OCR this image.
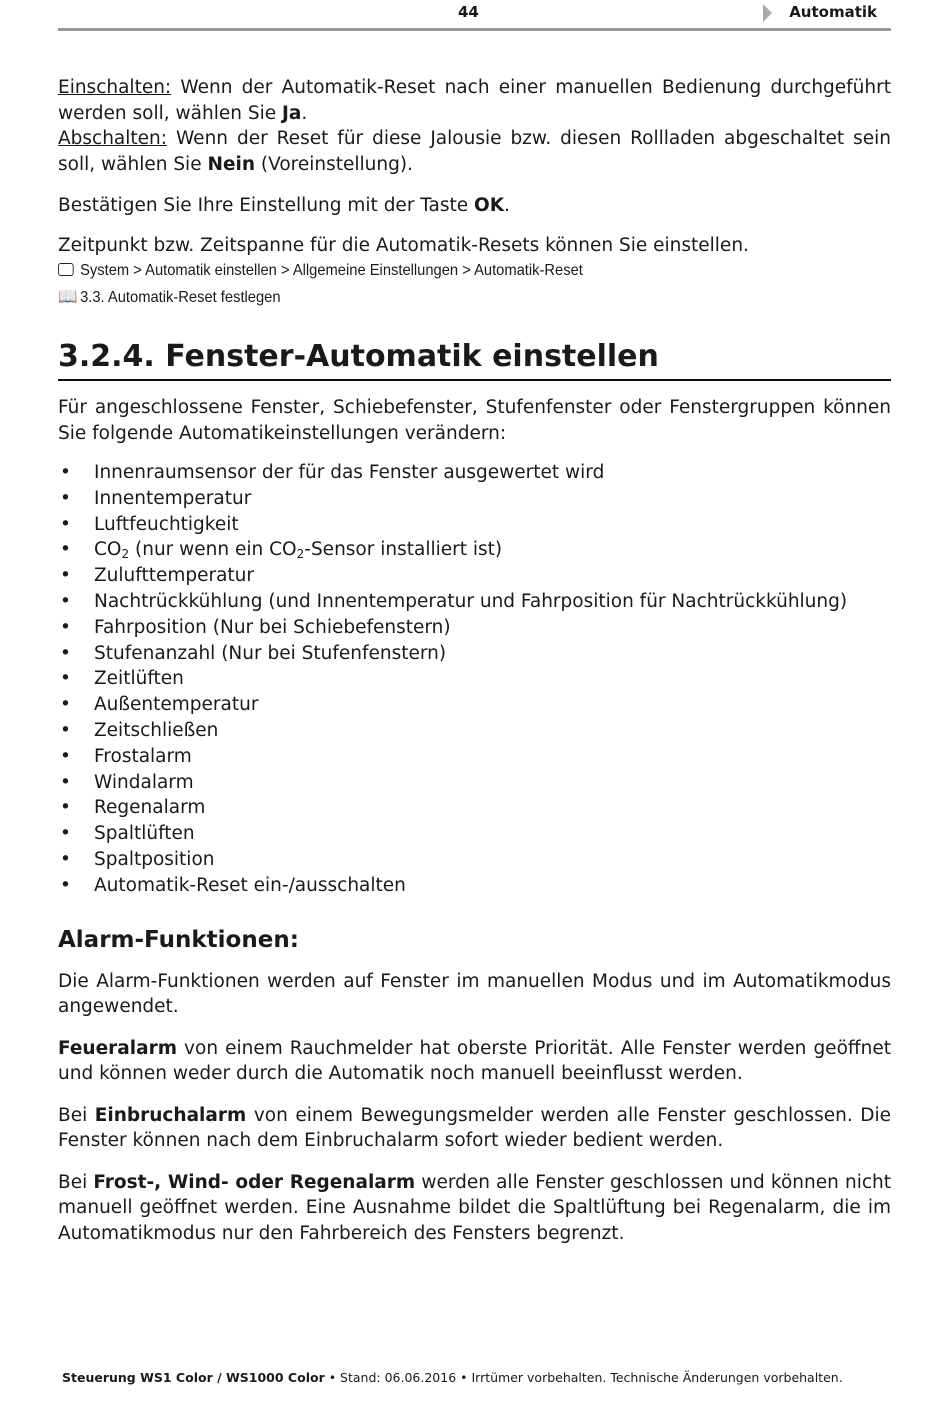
44	Automatik

Einschalten: Wenn der Automatik-Reset nach einer manuellen Bedienung durchgeführt werden soll, wählen Sie Ja.

Abschalten: Wenn der Reset für diese Jalousie bzw. diesen Rollladen abgeschaltet sein soll, wählen Sie Nein (Voreinstellung).

Bestätigen Sie Ihre Einstellung mit der Taste OK.

Zeitpunkt bzw. Zeitspanne für die Automatik-Resets können Sie einstellen.

System > Automatik einstellen > Allgemeine Einstellungen > Automatik-Reset
📖 3.3. Automatik-Reset festlegen
3.2.4. Fenster-Automatik einstellen

Für angeschlossene Fenster, Schiebefenster, Stufenfenster oder Fenstergruppen können Sie folgende Automatikeinstellungen verändern:

• Innenraumsensor der für das Fenster ausgewertet wird
• Innentemperatur
• Luftfeuchtigkeit
• $CO_2$ (nur wenn ein $CO_2$-Sensor installiert ist)
• Zulufttemperatur
• Nachtrückkühlung (und Innentemperatur und Fahrposition für Nachtrückkühlung)
• Fahrposition (Nur bei Schiebefenstern)
• Stufenanzahl (Nur bei Stufenfenstern)
• Zeitlüften
• Außentemperatur
• Zeitschließen
• Frostalarm
• Windalarm
• Regenalarm
• Spaltlüften
• Spaltposition
• Automatik-Reset ein-/ausschalten
Alarm-Funktionen:

Die Alarm-Funktionen werden auf Fenster im manuellen Modus und im Automatikmodus angewendet.

Feueralarm von einem Rauchmelder hat oberste Priorität. Alle Fenster werden geöffnet und können weder durch die Automatik noch manuell beeinflusst werden.

Bei Einbruchalarm von einem Bewegungsmelder werden alle Fenster geschlossen. Die Fenster können nach dem Einbruchalarm sofort wieder bedient werden.

Bei Frost-, Wind- oder Regenalarm werden alle Fenster geschlossen und können nicht manuell geöffnet werden. Eine Ausnahme bildet die Spaltlüftung bei Regenalarm, die im Automatikmodus nur den Fahrbereich des Fensters begrenzt.

Steuerung WS1 Color / WS1000 Color • Stand: 06.06.2016 • Irrtümer vorbehalten. Technische Änderungen vorbehalten.
